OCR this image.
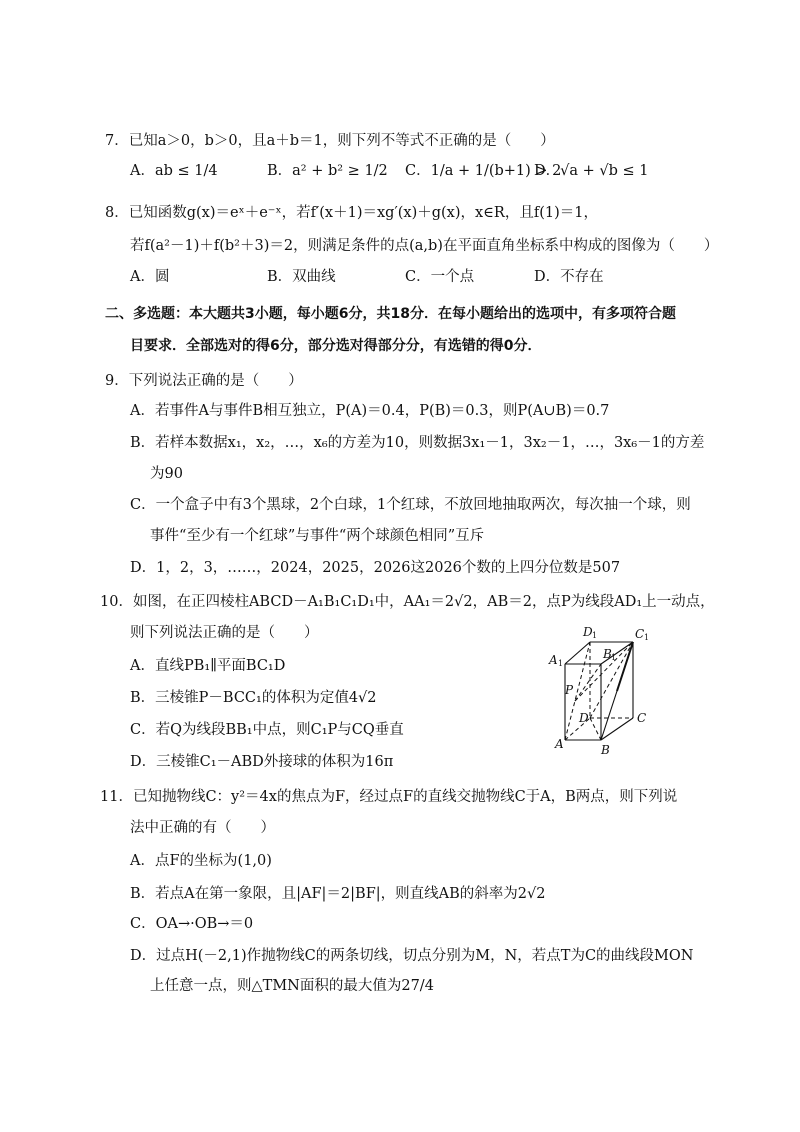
7．已知a＞0，b＞0，且a＋b＝1，则下列不等式不正确的是（　　）
A．ab ≤ 1/4	B．a² + b² ≥ 1/2 C．1/a + 1/(b+1) > 2
D．√a + √b ≤ 1
8．已知函数g(x)＝eˣ＋e⁻ˣ，若f′(x＋1)＝xg′(x)＋g(x)，x∈R，且f(1)＝1，
若f(a²－1)＋f(b²＋3)＝2，则满足条件的点(a,b)在平面直角坐标系中构成的图像为（　　）
A．圆	B．双曲线	C．一个点	D．不存在
二、多选题：本大题共3小题，每小题6分，共18分．在每小题给出的选项中，有多项符合题
目要求．全部选对的得6分，部分选对得部分分，有选错的得0分．
9．下列说法正确的是（　　）
A．若事件A与事件B相互独立，P(A)＝0.4，P(B)＝0.3，则P(A∪B)＝0.7
B．若样本数据x₁，x₂，…，x₆的方差为10，则数据3x₁－1，3x₂－1，…，3x₆－1的方差
为90
C．一个盒子中有3个黑球，2个白球，1个红球，不放回地抽取两次，每次抽一个球，则
事件“至少有一个红球”与事件“两个球颜色相同”互斥
D．1，2，3，……，2024，2025，2026这2026个数的上四分位数是507
10．如图，在正四棱柱ABCD－A₁B₁C₁D₁中，AA₁＝2√2，AB＝2，点P为线段AD₁上一动点，
则下列说法正确的是（　　）
A．直线PB₁∥平面BC₁D
B．三棱锥P－BCC₁的体积为定值4√2
C．若Q为线段BB₁中点，则C₁P与CQ垂直
D．三棱锥C₁－ABD外接球的体积为16π
D 1	C 1
A 1
B 1
P
D	C
A	B
11．已知抛物线C：y²＝4x的焦点为F，经过点F的直线交抛物线C于A，B两点，则下列说
法中正确的有（　　）
A．点F的坐标为(1,0)
B．若点A在第一象限，且|AF|＝2|BF|，则直线AB的斜率为2√2
C．OA→·OB→＝0
D．过点H(－2,1)作抛物线C的两条切线，切点分别为M，N，若点T为C的曲线段MON
上任意一点，则△TMN面积的最大值为27/4
